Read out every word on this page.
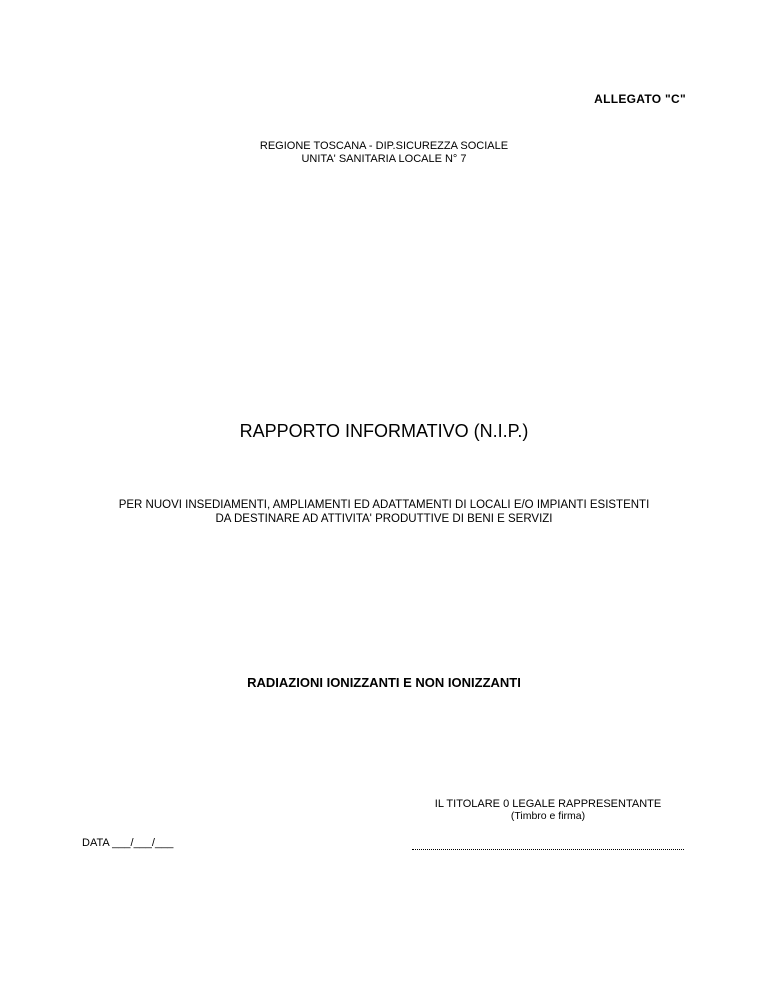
ALLEGATO "C"
REGIONE TOSCANA - DIP.SICUREZZA SOCIALE
UNITA' SANITARIA LOCALE N° 7
RAPPORTO INFORMATIVO (N.I.P.)
PER NUOVI INSEDIAMENTI, AMPLIAMENTI ED ADATTAMENTI DI LOCALI E/O IMPIANTI ESISTENTI
DA DESTINARE AD ATTIVITA' PRODUTTIVE DI BENI E SERVIZI
RADIAZIONI IONIZZANTI E NON IONIZZANTI
IL TITOLARE 0 LEGALE RAPPRESENTANTE
(Timbro e firma)
DATA ___/___/___
